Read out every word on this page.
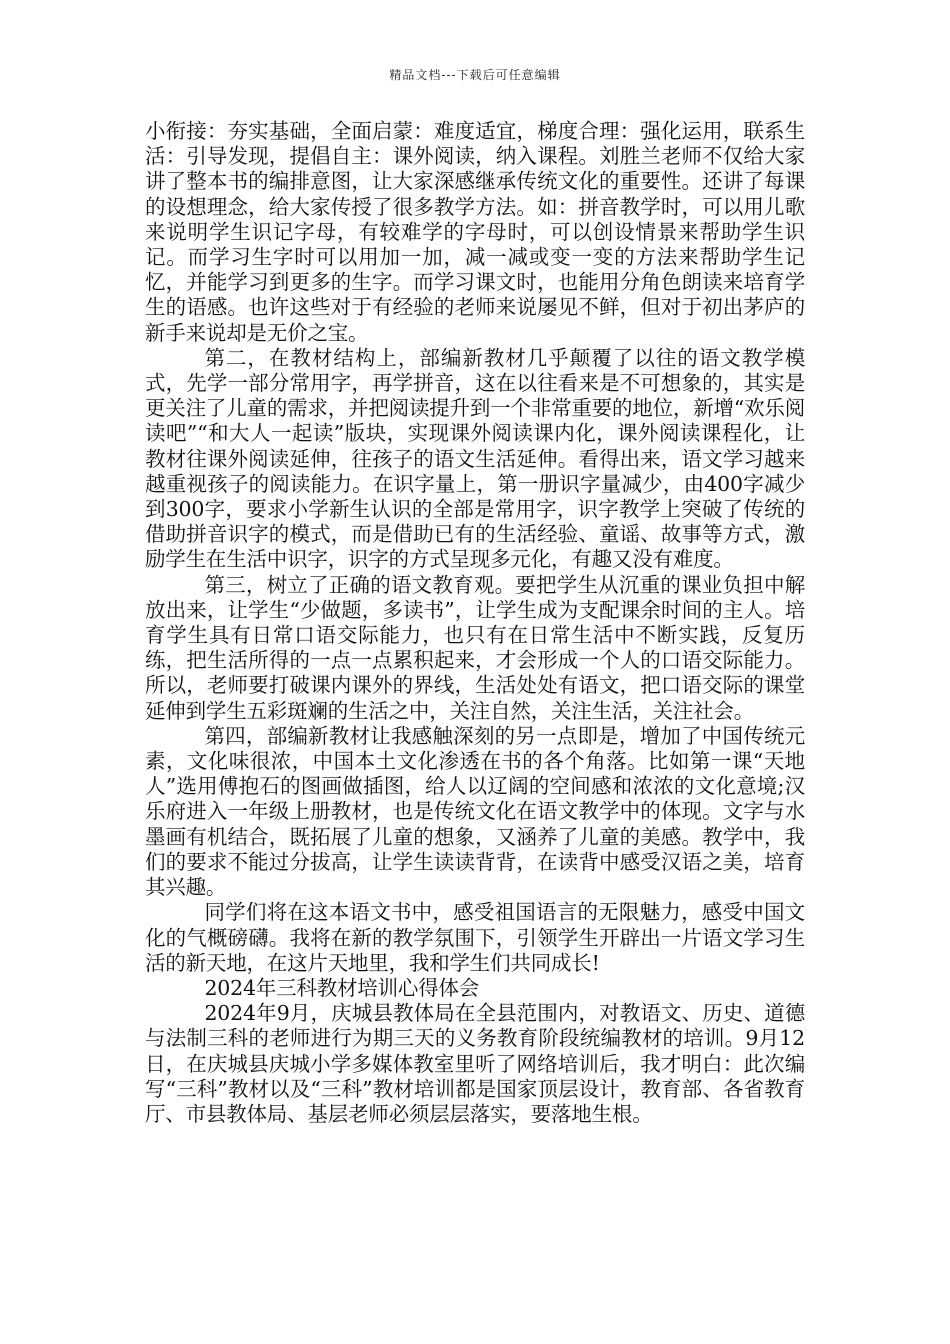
精品文档---下载后可任意编辑

小衔接：夯实基础，全面启蒙：难度适宜，梯度合理：强化运用，联系生活：引导发现，提倡自主：课外阅读，纳入课程。刘胜兰老师不仅给大家讲了整本书的编排意图，让大家深感继承传统文化的重要性。还讲了每课的设想理念，给大家传授了很多教学方法。如：拼音教学时，可以用儿歌来说明学生识记字母，有较难学的字母时，可以创设情景来帮助学生识记。而学习生字时可以用加一加，减一减或变一变的方法来帮助学生记忆，并能学习到更多的生字。而学习课文时，也能用分角色朗读来培育学生的语感。也许这些对于有经验的老师来说屡见不鲜，但对于初出茅庐的新手来说却是无价之宝。

第二，在教材结构上，部编新教材几乎颠覆了以往的语文教学模式，先学一部分常用字，再学拼音，这在以往看来是不可想象的，其实是更关注了儿童的需求，并把阅读提升到一个非常重要的地位，新增“欢乐阅读吧”“和大人一起读”版块，实现课外阅读课内化，课外阅读课程化，让教材往课外阅读延伸，往孩子的语文生活延伸。看得出来，语文学习越来越重视孩子的阅读能力。在识字量上，第一册识字量减少，由400字减少到300字，要求小学新生认识的全部是常用字，识字教学上突破了传统的借助拼音识字的模式，而是借助已有的生活经验、童谣、故事等方式，激励学生在生活中识字，识字的方式呈现多元化，有趣又没有难度。

第三，树立了正确的语文教育观。要把学生从沉重的课业负担中解放出来，让学生“少做题，多读书”，让学生成为支配课余时间的主人。培育学生具有日常口语交际能力，也只有在日常生活中不断实践，反复历练，把生活所得的一点一点累积起来，才会形成一个人的口语交际能力。所以，老师要打破课内课外的界线，生活处处有语文，把口语交际的课堂延伸到学生五彩斑斓的生活之中，关注自然，关注生活，关注社会。

第四，部编新教材让我感触深刻的另一点即是，增加了中国传统元素，文化味很浓，中国本土文化渗透在书的各个角落。比如第一课“天地人”选用傅抱石的图画做插图，给人以辽阔的空间感和浓浓的文化意境;汉乐府进入一年级上册教材，也是传统文化在语文教学中的体现。文字与水墨画有机结合，既拓展了儿童的想象，又涵养了儿童的美感。教学中，我们的要求不能过分拔高，让学生读读背背，在读背中感受汉语之美，培育其兴趣。

同学们将在这本语文书中，感受祖国语言的无限魅力，感受中国文化的气概磅礴。我将在新的教学氛围下，引领学生开辟出一片语文学习生活的新天地，在这片天地里，我和学生们共同成长!

2024年三科教材培训心得体会

2024年9月，庆城县教体局在全县范围内，对教语文、历史、道德与法制三科的老师进行为期三天的义务教育阶段统编教材的培训。9月12日，在庆城县庆城小学多媒体教室里听了网络培训后，我才明白：此次编写“三科”教材以及“三科”教材培训都是国家顶层设计，教育部、各省教育厅、市县教体局、基层老师必须层层落实，要落地生根。
